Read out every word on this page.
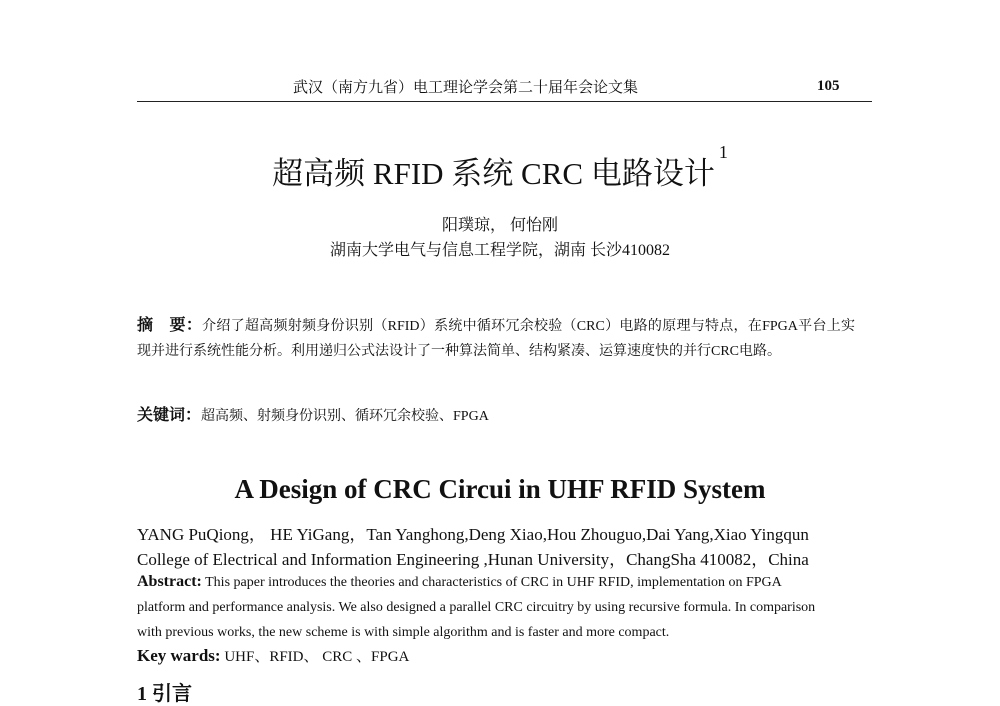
武汉（南方九省）电工理论学会第二十届年会论文集	105
超高频 RFID 系统 CRC 电路设计$^1$
阳璞琼， 何怡刚
湖南大学电气与信息工程学院，湖南 长沙410082
摘　要：介绍了超高频射频身份识别（RFID）系统中循环冗余校验（CRC）电路的原理与特点，在FPGA平台上实现并进行系统性能分析。利用递归公式法设计了一种算法简单、结构紧凑、运算速度快的并行CRC电路。
关键词：超高频、射频身份识别、循环冗余校验、FPGA
A Design of CRC Circui in UHF RFID System
YANG PuQiong， HE YiGang，Tan Yanghong,Deng Xiao,Hou Zhouguo,Dai Yang,Xiao Yingqun
College of Electrical and Information Engineering ,Hunan University，ChangSha 410082，China
Abstract: This paper introduces the theories and characteristics of CRC in UHF RFID, implementation on FPGA platform and performance analysis. We also designed a parallel CRC circuitry by using recursive formula. In comparison with previous works, the new scheme is with simple algorithm and is faster and more compact.
Key wards: UHF、RFID、 CRC 、FPGA
1 引言
